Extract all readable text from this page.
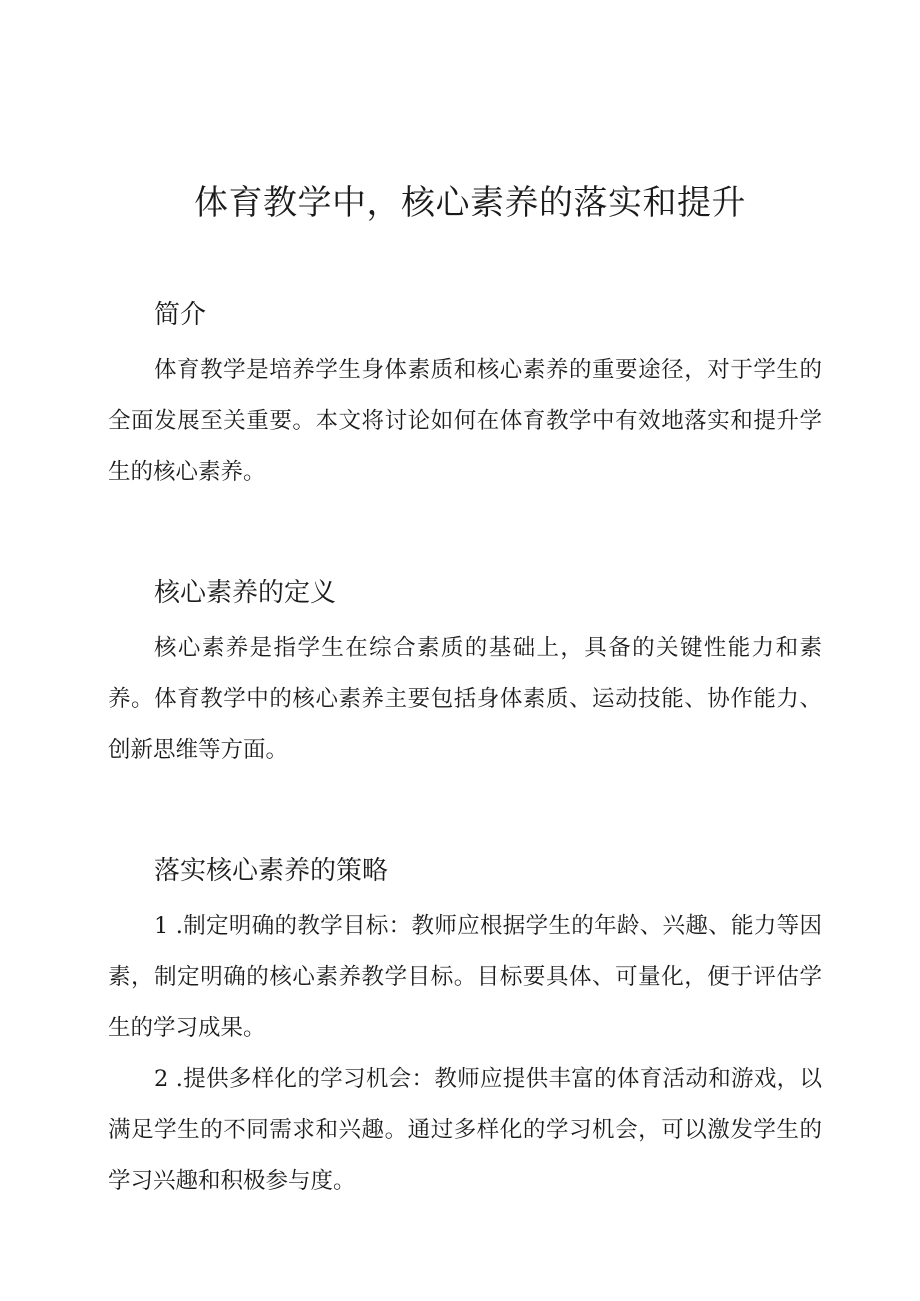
体育教学中，核心素养的落实和提升
简介

体育教学是培养学生身体素质和核心素养的重要途径，对于学生的全面发展至关重要。本文将讨论如何在体育教学中有效地落实和提升学生的核心素养。

核心素养的定义

核心素养是指学生在综合素质的基础上，具备的关键性能力和素养。体育教学中的核心素养主要包括身体素质、运动技能、协作能力、创新思维等方面。

落实核心素养的策略

1 .制定明确的教学目标：教师应根据学生的年龄、兴趣、能力等因素，制定明确的核心素养教学目标。目标要具体、可量化，便于评估学生的学习成果。

2 .提供多样化的学习机会：教师应提供丰富的体育活动和游戏，以满足学生的不同需求和兴趣。通过多样化的学习机会，可以激发学生的学习兴趣和积极参与度。
